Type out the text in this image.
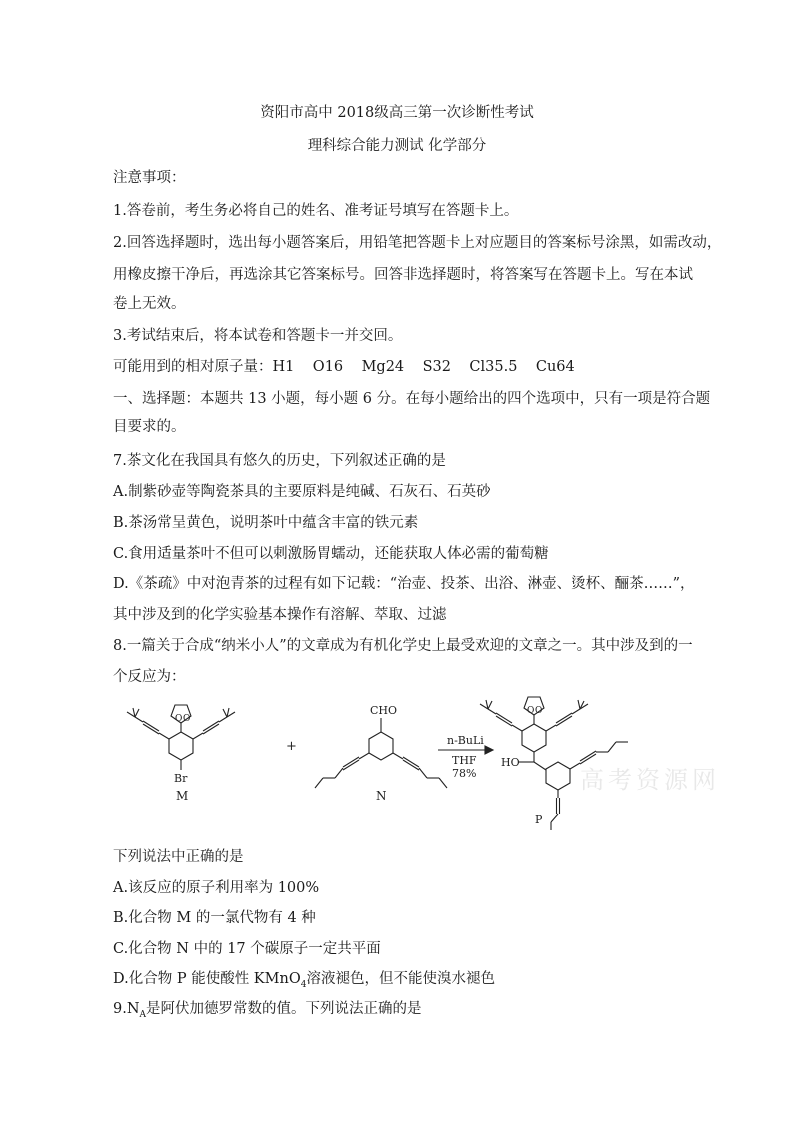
资阳市高中 2018级高三第一次诊断性考试
理科综合能力测试 化学部分
注意事项：
1.答卷前，考生务必将自己的姓名、准考证号填写在答题卡上。
2.回答选择题时，选出每小题答案后，用铅笔把答题卡上对应题目的答案标号涂黑，如需改动，
用橡皮擦干净后，再选涂其它答案标号。回答非选择题时，将答案写在答题卡上。写在本试
卷上无效。
3.考试结束后，将本试卷和答题卡一并交回。
可能用到的相对原子量：H1    O16    Mg24    S32    Cl35.5    Cu64
一、选择题：本题共 13 小题，每小题 6 分。在每小题给出的四个选项中，只有一项是符合题
目要求的。
7.茶文化在我国具有悠久的历史，下列叙述正确的是
A.制紫砂壶等陶瓷茶具的主要原料是纯碱、石灰石、石英砂
B.茶汤常呈黄色，说明茶叶中蕴含丰富的铁元素
C.食用适量茶叶不但可以刺激肠胃蠕动，还能获取人体必需的葡萄糖
D.《茶疏》中对泡青茶的过程有如下记载：“治壶、投茶、出浴、淋壶、烫杯、酾茶……”，
其中涉及到的化学实验基本操作有溶解、萃取、过滤
8.一篇关于合成“纳米小人”的文章成为有机化学史上最受欢迎的文章之一。其中涉及到的一
个反应为：
O O
Br
M
+
CHO
N
n-BuLi
THF
78%
O O
HO
P
高考资源网
下列说法中正确的是
A.该反应的原子利用率为 100%
B.化合物 M 的一氯代物有 4 种
C.化合物 N 中的 17 个碳原子一定共平面
D.化合物 P 能使酸性 KMnO$_4$溶液褪色，但不能使溴水褪色
$9.N_A$是阿伏加德罗常数的值。下列说法正确的是
